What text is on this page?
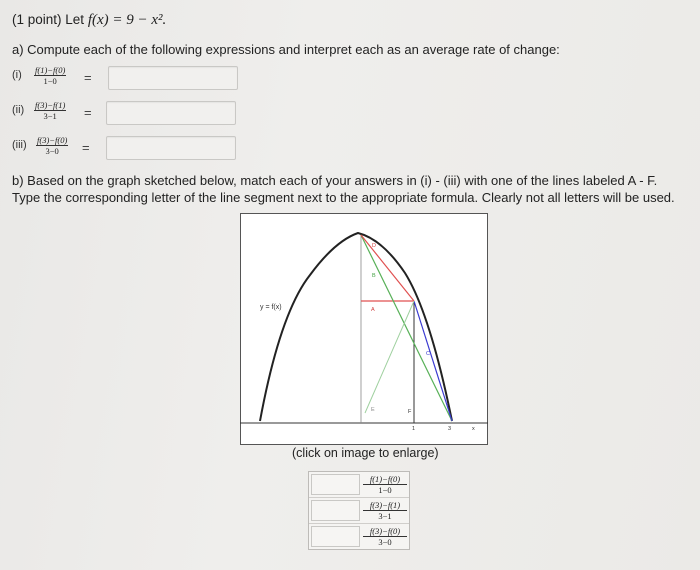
(1 point) Let f(x) = 9 − x².
a) Compute each of the following expressions and interpret each as an average rate of change:
$(i) \frac{f(1)-f(0)}{1-0}$ =
$(ii) \frac{f(3)-f(1)}{3-1}$ =
$(iii) \frac{f(3)-f(0)}{3-0}$ =
b) Based on the graph sketched below, match each of your answers in (i) - (iii) with one of the lines labeled A - F. Type the corresponding letter of the line segment next to the appropriate formula. Clearly not all letters will be used.
y = f(x)
D
B
A
C
E	F
1	3	x
(click on image to enlarge)
$\frac{f(1)-f(0)}{1-0}$
$\frac{f(3)-f(1)}{3-1}$
$\frac{f(3)-f(0)}{3-0}$
